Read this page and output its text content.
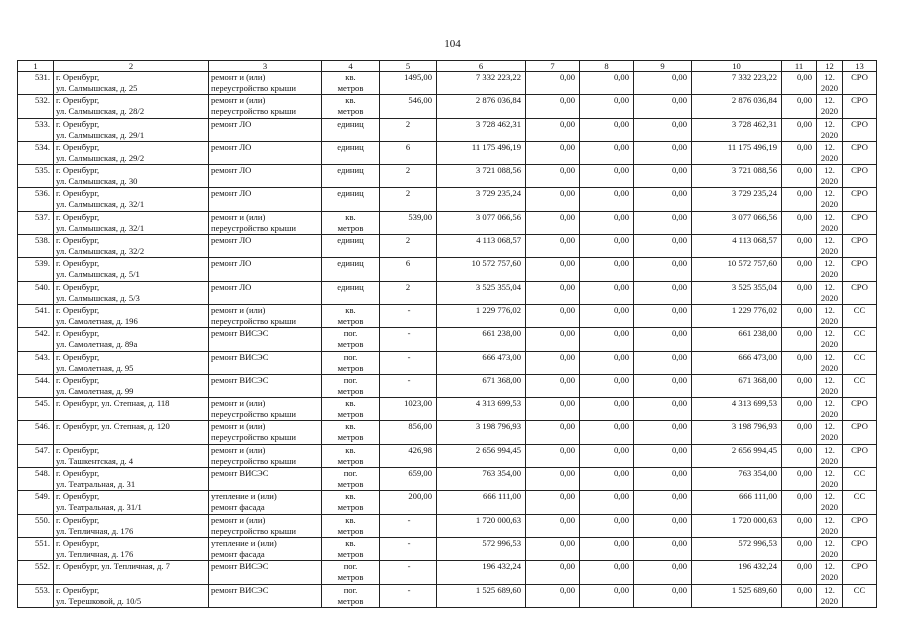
104
1	2	3	4	5	6	7	8	9	10	11	12	13

531.	г. Оренбург,
ул. Салмышская, д. 25	ремонт и (или)
переустройство крыши	кв.
метров	1495,00	7 332 223,22	0,00	0,00	0,00	7 332 223,22	0,00	12.
2020	СРО

532.	г. Оренбург,
ул. Салмышская, д. 28/2	ремонт и (или)
переустройство крыши	кв.
метров	546,00	2 876 036,84	0,00	0,00	0,00	2 876 036,84	0,00	12.
2020	СРО

533.	г. Оренбург,
ул. Салмышская, д. 29/1	ремонт ЛО	единиц	2	3 728 462,31	0,00	0,00	0,00	3 728 462,31	0,00	12.
2020	СРО

534.	г. Оренбург,
ул. Салмышская, д. 29/2	ремонт ЛО	единиц	6	11 175 496,19	0,00	0,00	0,00	11 175 496,19	0,00	12.
2020	СРО

535.	г. Оренбург,
ул. Салмышская, д. 30	ремонт ЛО	единиц	2	3 721 088,56	0,00	0,00	0,00	3 721 088,56	0,00	12.
2020	СРО

536.	г. Оренбург,
ул. Салмышская, д. 32/1	ремонт ЛО	единиц	2	3 729 235,24	0,00	0,00	0,00	3 729 235,24	0,00	12.
2020	СРО

537.	г. Оренбург,
ул. Салмышская, д. 32/1	ремонт и (или)
переустройство крыши	кв.
метров	539,00	3 077 066,56	0,00	0,00	0,00	3 077 066,56	0,00	12.
2020	СРО

538.	г. Оренбург,
ул. Салмышская, д. 32/2	ремонт ЛО	единиц	2	4 113 068,57	0,00	0,00	0,00	4 113 068,57	0,00	12.
2020	СРО

539.	г. Оренбург,
ул. Салмышская, д. 5/1	ремонт ЛО	единиц	6	10 572 757,60	0,00	0,00	0,00	10 572 757,60	0,00	12.
2020	СРО

540.	г. Оренбург,
ул. Салмышская, д. 5/3	ремонт ЛО	единиц	2	3 525 355,04	0,00	0,00	0,00	3 525 355,04	0,00	12.
2020	СРО

541.	г. Оренбург,
ул. Самолетная, д. 196	ремонт и (или)
переустройство крыши	кв.
метров	-	1 229 776,02	0,00	0,00	0,00	1 229 776,02	0,00	12.
2020	СС

542.	г. Оренбург,
ул. Самолетная, д. 89а	ремонт ВИСЭС	пог.
метров	-	661 238,00	0,00	0,00	0,00	661 238,00	0,00	12.
2020	СС

543.	г. Оренбург,
ул. Самолетная, д. 95	ремонт ВИСЭС	пог.
метров	-	666 473,00	0,00	0,00	0,00	666 473,00	0,00	12.
2020	СС

544.	г. Оренбург,
ул. Самолетная, д. 99	ремонт ВИСЭС	пог.
метров	-	671 368,00	0,00	0,00	0,00	671 368,00	0,00	12.
2020	СС

545.	г. Оренбург, ул. Степная, д. 118	ремонт и (или)
переустройство крыши	кв.
метров	1023,00	4 313 699,53	0,00	0,00	0,00	4 313 699,53	0,00	12.
2020	СРО

546.	г. Оренбург, ул. Степная, д. 120	ремонт и (или)
переустройство крыши	кв.
метров	856,00	3 198 796,93	0,00	0,00	0,00	3 198 796,93	0,00	12.
2020	СРО

547.	г. Оренбург,
ул. Ташкентская, д. 4	ремонт и (или)
переустройство крыши	кв.
метров	426,98	2 656 994,45	0,00	0,00	0,00	2 656 994,45	0,00	12.
2020	СРО

548.	г. Оренбург,
ул. Театральная, д. 31	ремонт ВИСЭС	пог.
метров	659,00	763 354,00	0,00	0,00	0,00	763 354,00	0,00	12.
2020	СС

549.	г. Оренбург,
ул. Театральная, д. 31/1	утепление и (или)
ремонт фасада	кв.
метров	200,00	666 111,00	0,00	0,00	0,00	666 111,00	0,00	12.
2020	СС

550.	г. Оренбург,
ул. Тепличная, д. 176	ремонт и (или)
переустройство крыши	кв.
метров	-	1 720 000,63	0,00	0,00	0,00	1 720 000,63	0,00	12.
2020	СРО

551.	г. Оренбург,
ул. Тепличная, д. 176	утепление и (или)
ремонт фасада	кв.
метров	-	572 996,53	0,00	0,00	0,00	572 996,53	0,00	12.
2020	СРО

552.	г. Оренбург, ул. Тепличная, д. 7	ремонт ВИСЭС	пог.
метров	-	196 432,24	0,00	0,00	0,00	196 432,24	0,00	12.
2020	СРО

553.	г. Оренбург,
ул. Терешковой, д. 10/5	ремонт ВИСЭС	пог.
метров	-	1 525 689,60	0,00	0,00	0,00	1 525 689,60	0,00	12.
2020	СС
